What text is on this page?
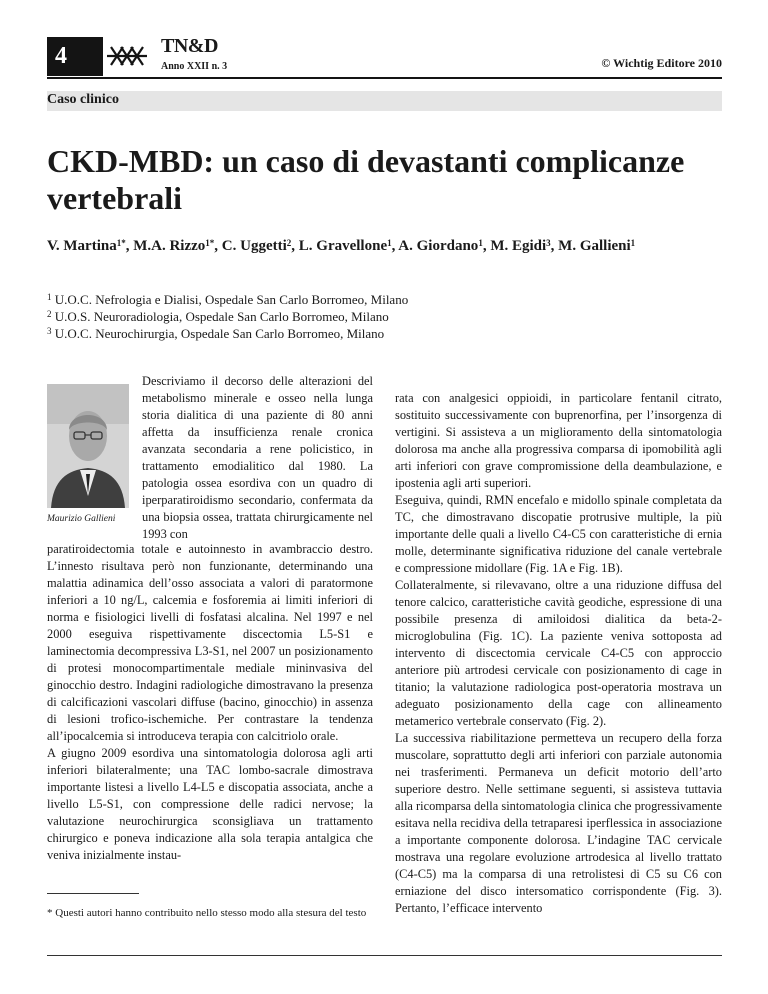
4	TN&D
Anno XXII n. 3	© Wichtig Editore 2010
Caso clinico
CKD-MBD: un caso di devastanti complicanze vertebrali
V. Martina$^{1*}$, M.A. Rizzo$^{1*}$, C. Uggetti$^2$, L. Gravellone$^1$, A. Giordano$^1$, M. Egidi$^3$, M. Gallieni$^1$
$^1$ U.O.C. Nefrologia e Dialisi, Ospedale San Carlo Borromeo, Milano
$^2$ U.O.S. Neuroradiologia, Ospedale San Carlo Borromeo, Milano
$^3$ U.O.C. Neurochirurgia, Ospedale San Carlo Borromeo, Milano
Maurizio Gallieni

Descriviamo il decorso delle alterazioni del metabolismo minerale e osseo nella lunga storia dialitica di una paziente di 80 anni affetta da insufficienza renale cronica avanzata secondaria a rene policistico, in trattamento emodialitico dal 1980. La patologia ossea esordiva con un quadro di iperparatiroidismo secondario, confermata da una biopsia ossea, trattata chirurgicamente nel 1993 con

paratiroidectomia totale e autoinnesto in avambraccio destro. L’innesto risultava però non funzionante, determinando una malattia adinamica dell’osso associata a valori di paratormone inferiori a 10 ng/L, calcemia e fosforemia ai limiti inferiori di norma e fisiologici livelli di fosfatasi alcalina. Nel 1997 e nel 2000 eseguiva rispettivamente discectomia L5-S1 e laminectomia decompressiva L3-S1, nel 2007 un posizionamento di protesi monocompartimentale mediale mininvasiva del ginocchio destro. Indagini radiologiche dimostravano la presenza di calcificazioni vascolari diffuse (bacino, ginocchio) in assenza di lesioni trofico-ischemiche. Per contrastare la tendenza all’ipocalcemia si introduceva terapia con calcitriolo orale.

A giugno 2009 esordiva una sintomatologia dolorosa agli arti inferiori bilateralmente; una TAC lombo-sacrale dimostrava importante listesi a livello L4-L5 e discopatia associata, anche a livello L5-S1, con compressione delle radici nervose; la valutazione neurochirurgica sconsigliava un trattamento chirurgico e poneva indicazione alla sola terapia antalgica che veniva inizialmente instau-

* Questi autori hanno contribuito nello stesso modo alla stesura del testo

rata con analgesici oppioidi, in particolare fentanil citrato, sostituito successivamente con buprenorfina, per l’insorgenza di vertigini. Si assisteva a un miglioramento della sintomatologia dolorosa ma anche alla progressiva comparsa di ipomobilità agli arti inferiori con grave compromissione della deambulazione, e ipostenia agli arti superiori.

Eseguiva, quindi, RMN encefalo e midollo spinale completata da TC, che dimostravano discopatie protrusive multiple, la più importante delle quali a livello C4-C5 con caratteristiche di ernia molle, determinante significativa riduzione del canale vertebrale e compressione midollare (Fig. 1A e Fig. 1B).

Collateralmente, si rilevavano, oltre a una riduzione diffusa del tenore calcico, caratteristiche cavità geodiche, espressione di una possibile presenza di amiloidosi dialitica da beta-2-microglobulina (Fig. 1C). La paziente veniva sottoposta ad intervento di discectomia cervicale C4-C5 con approccio anteriore più artrodesi cervicale con posizionamento di cage in titanio; la valutazione radiologica post-operatoria mostrava un adeguato posizionamento della cage con allineamento metamerico vertebrale conservato (Fig. 2).

La successiva riabilitazione permetteva un recupero della forza muscolare, soprattutto degli arti inferiori con parziale autonomia nei trasferimenti. Permaneva un deficit motorio dell’arto superiore destro. Nelle settimane seguenti, si assisteva tuttavia alla ricomparsa della sintomatologia clinica che progressivamente esitava nella recidiva della tetraparesi iperflessica in associazione a importante componente dolorosa. L’indagine TAC cervicale mostrava una regolare evoluzione artrodesica al livello trattato (C4-C5) ma la comparsa di una retrolistesi di C5 su C6 con erniazione del disco intersomatico corrispondente (Fig. 3). Pertanto, l’efficace intervento
